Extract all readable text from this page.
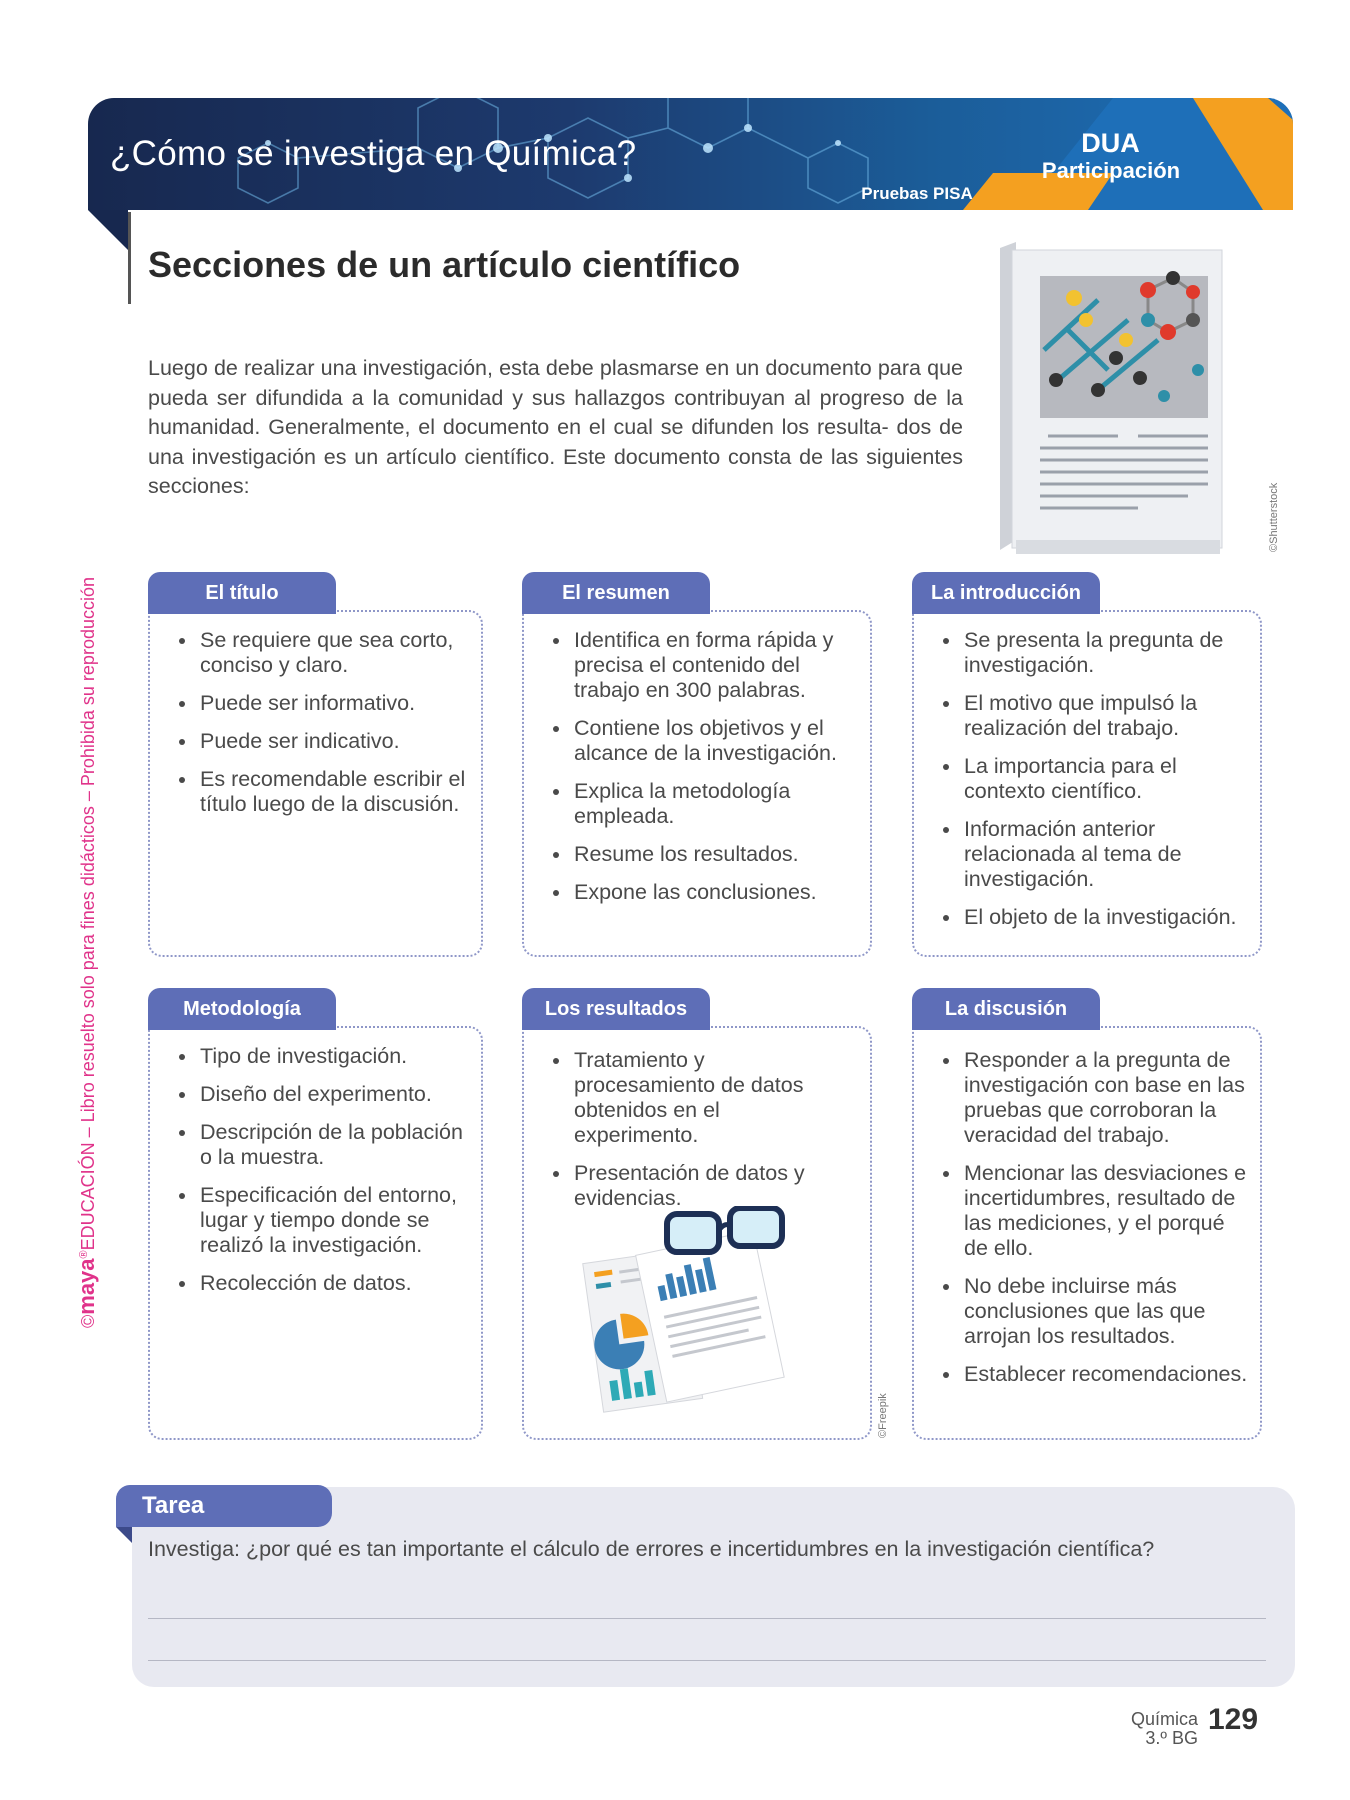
¿Cómo se investiga en Química?	DUA
Participación
Pruebas PISA
Secciones de un artículo científico

Luego de realizar una investigación, esta debe plasmarse en un documento para que pueda ser difundida a la comunidad y sus hallazgos contribuyan al progreso de la humanidad. Generalmente, el documento en el cual se difunden los resulta- dos de una investigación es un artículo científico. Este documento consta de las siguientes secciones:	©Shutterstock
El título
• Se requiere que sea corto, conciso y claro.
• Puede ser informativo.
• Puede ser indicativo.
• Es recomendable escribir el título luego de la discusión.
El resumen
• Identifica en forma rápida y precisa el contenido del trabajo en 300 palabras.
• Contiene los objetivos y el alcance de la investigación.
• Explica la metodología empleada.
• Resume los resultados.
• Expone las conclusiones.
La introducción
• Se presenta la pregunta de investigación.
• El motivo que impulsó la realización del trabajo.
• La importancia para el contexto científico.
• Información anterior relacionada al tema de investigación.
• El objeto de la investigación.
Metodología
• Tipo de investigación.
• Diseño del experimento.
• Descripción de la población o la muestra.
• Especificación del entorno, lugar y tiempo donde se realizó la investigación.
• Recolección de datos.
Los resultados
• Tratamiento y procesamiento de datos obtenidos en el experimento.
• Presentación de datos y evidencias.
©Freepik
La discusión
• Responder a la pregunta de investigación con base en las pruebas que corroboran la veracidad del trabajo.
• Mencionar las desviaciones e incertidumbres, resultado de las mediciones, y el porqué de ello.
• No debe incluirse más conclusiones que las que arrojan los resultados.
• Establecer recomendaciones.
Tarea
Investiga: ¿por qué es tan importante el cálculo de errores e incertidumbres en la investigación científica?
©maya®EDUCACIÓN – Libro resuelto solo para fines didácticos – Prohibida su reproducción
Química
3.º BG
129
